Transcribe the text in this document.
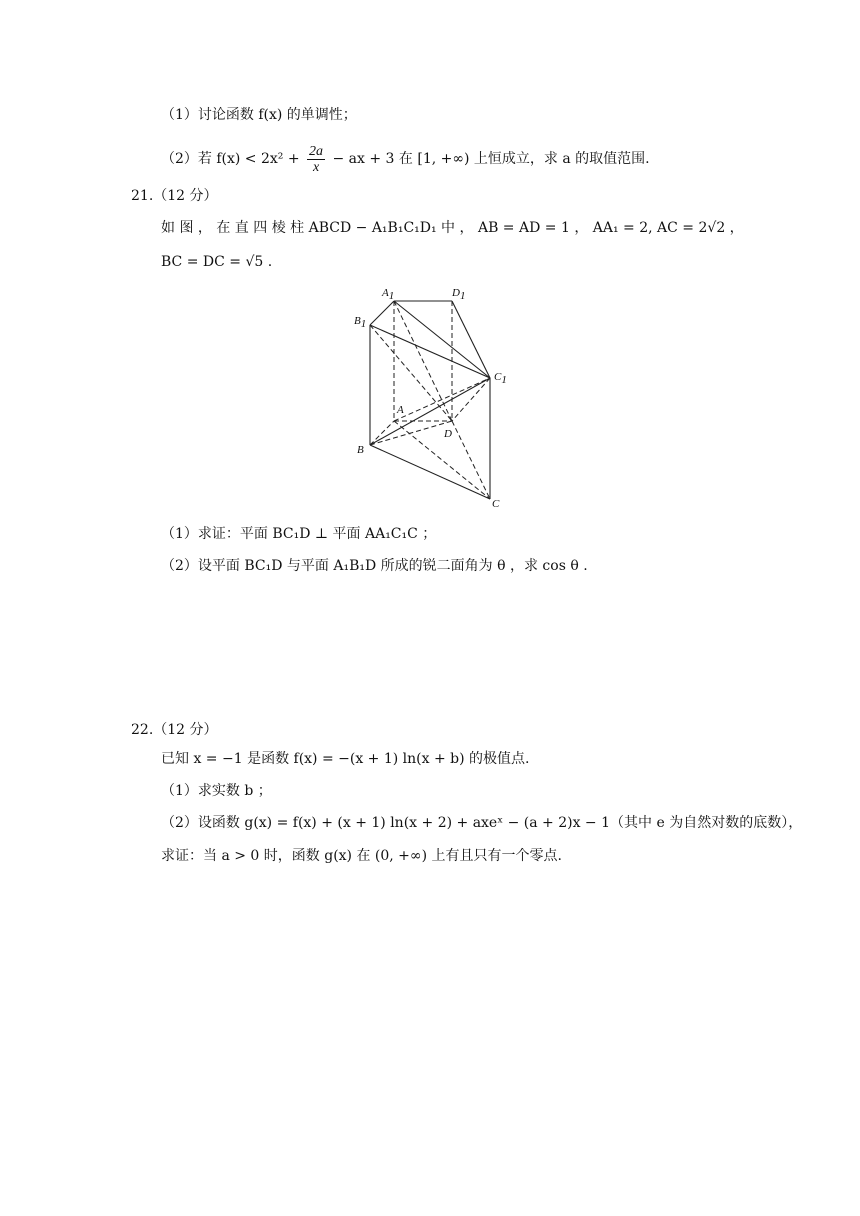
（1）讨论函数 f(x) 的单调性；
（2）若 $f(x) < 2x^2 + \frac{2a}{x}$ − ax + 3 在 [1, +∞) 上恒成立，求 a 的取值范围.
21.（12 分）
如 图 ， 在 直 四 棱 柱 ABCD − A₁B₁C₁D₁ 中 ， AB = AD = 1 ， AA₁ = 2, AC = 2√2 ，
BC = DC = √5 .
A1	D1
B1
C1
A
D
B
C
（1）求证：平面 BC₁D ⊥ 平面 AA₁C₁C ；
（2）设平面 BC₁D 与平面 A₁B₁D 所成的锐二面角为 θ ，求 cos θ .
22.（12 分）
已知 x = −1 是函数 f(x) = −(x + 1) ln(x + b) 的极值点.
（1）求实数 b ；
（2）设函数 g(x) = f(x) + (x + 1) ln(x + 2) + axeˣ − (a + 2)x − 1（其中 e 为自然对数的底数），
求证：当 a > 0 时，函数 g(x) 在 (0, +∞) 上有且只有一个零点.
